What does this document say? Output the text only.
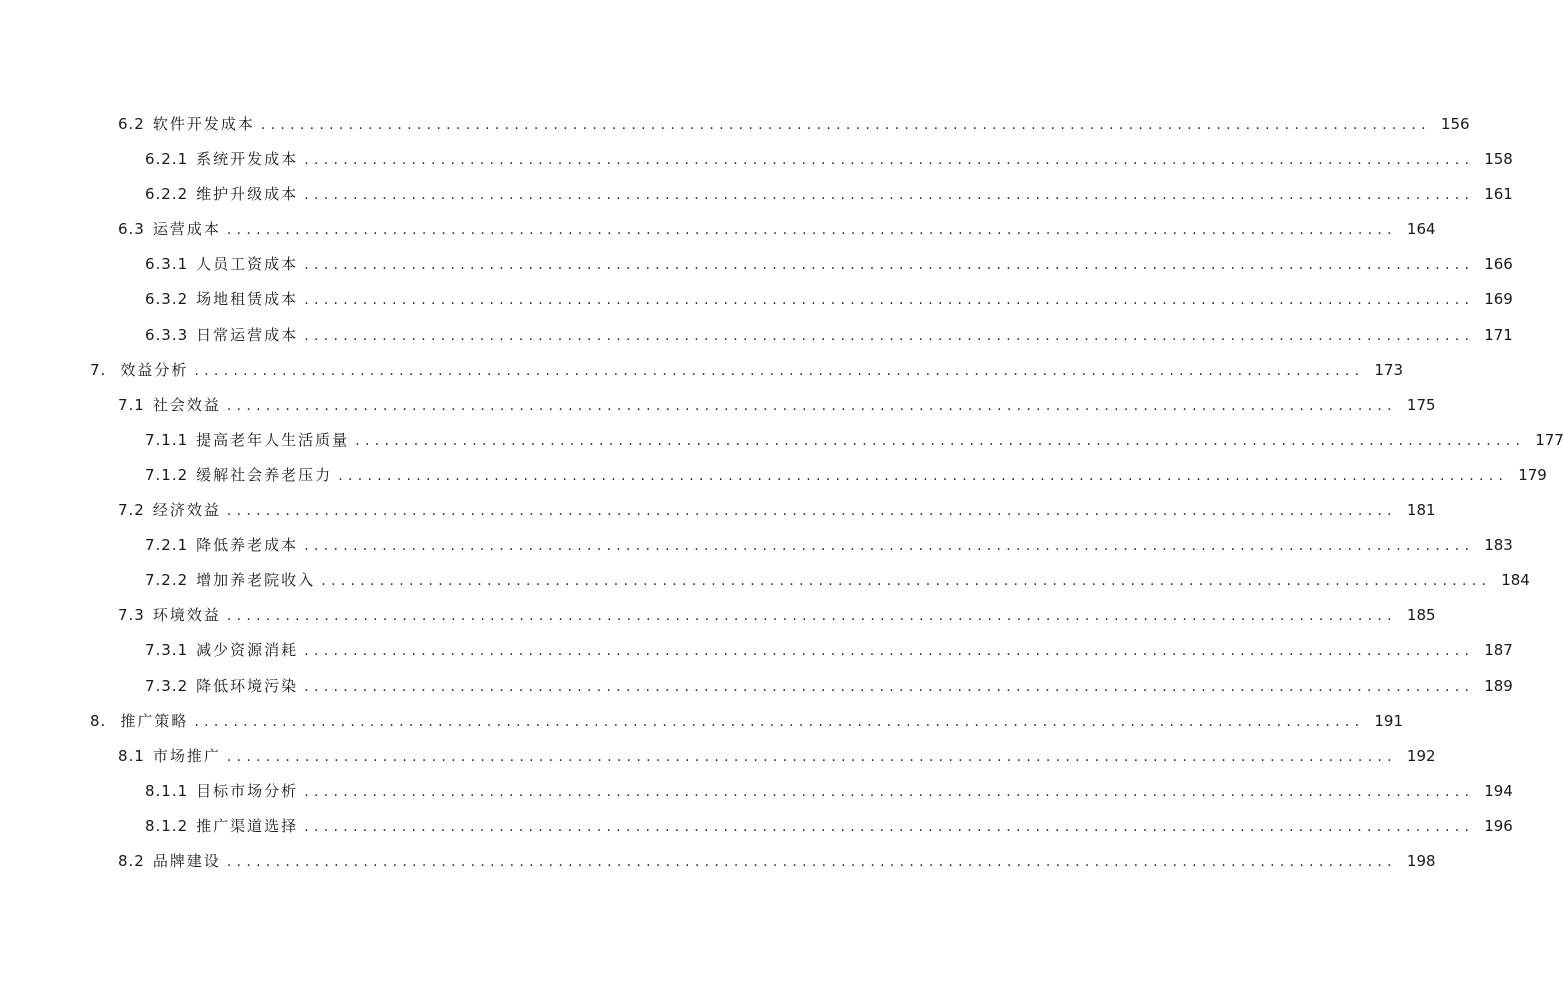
6.2 软件开发成本 ........................................................................................................................ 156
6.2.1 系统开发成本 ........................................................................................................................ 158
6.2.2 维护升级成本 ........................................................................................................................ 161
6.3 运营成本 ........................................................................................................................ 164
6.3.1 人员工资成本 ........................................................................................................................ 166
6.3.2 场地租赁成本 ........................................................................................................................ 169
6.3.3 日常运营成本 ........................................................................................................................ 171
7. 效益分析 ........................................................................................................................ 173
7.1 社会效益 ........................................................................................................................ 175
7.1.1 提高老年人生活质量 ........................................................................................................................ 177
7.1.2 缓解社会养老压力 ........................................................................................................................ 179
7.2 经济效益 ........................................................................................................................ 181
7.2.1 降低养老成本 ........................................................................................................................ 183
7.2.2 增加养老院收入 ........................................................................................................................ 184
7.3 环境效益 ........................................................................................................................ 185
7.3.1 减少资源消耗 ........................................................................................................................ 187
7.3.2 降低环境污染 ........................................................................................................................ 189
8. 推广策略 ........................................................................................................................ 191
8.1 市场推广 ........................................................................................................................ 192
8.1.1 目标市场分析 ........................................................................................................................ 194
8.1.2 推广渠道选择 ........................................................................................................................ 196
8.2 品牌建设 ........................................................................................................................ 198
